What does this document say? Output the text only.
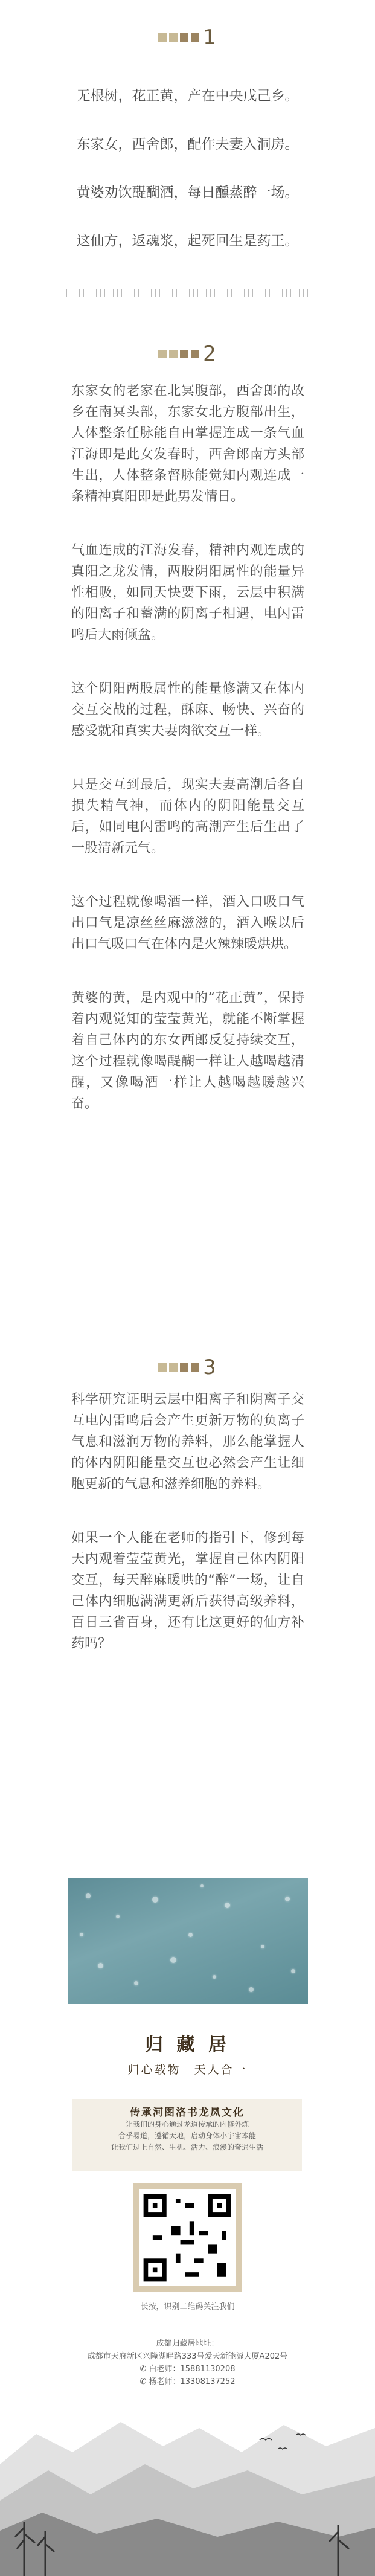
1

无根树，花正黄，产在中央戊己乡。

东家女，西舍郎，配作夫妻入洞房。

黄婆劝饮醍醐酒，每日醺蒸醉一场。

这仙方，返魂浆，起死回生是药王。

2

东家女的老家在北冥腹部，西舍郎的故乡在南冥头部，东家女北方腹部出生，人体整条任脉能自由掌握连成一条气血江海即是此女发春时，西舍郎南方头部生出，人体整条督脉能觉知内观连成一条精神真阳即是此男发情日。

气血连成的江海发春，精神内观连成的真阳之龙发情，两股阴阳属性的能量异性相吸，如同天快要下雨，云层中积满的阳离子和蓄满的阴离子相遇，电闪雷鸣后大雨倾盆。

这个阴阳两股属性的能量修满又在体内交互交战的过程，酥麻、畅快、兴奋的感受就和真实夫妻肉欲交互一样。

只是交互到最后，现实夫妻高潮后各自损失精气神，而体内的阴阳能量交互后，如同电闪雷鸣的高潮产生后生出了一股清新元气。

这个过程就像喝酒一样，酒入口吸口气出口气是凉丝丝麻滋滋的，酒入喉以后出口气吸口气在体内是火辣辣暖烘烘。

黄婆的黄，是内观中的“花正黄”，保持着内观觉知的莹莹黄光，就能不断掌握着自己体内的东女西郎反复持续交互，这个过程就像喝醍醐一样让人越喝越清醒，又像喝酒一样让人越喝越暖越兴奋。

3

科学研究证明云层中阳离子和阴离子交互电闪雷鸣后会产生更新万物的负离子气息和滋润万物的养料，那么能掌握人的体内阴阳能量交互也必然会产生让细胞更新的气息和滋养细胞的养料。

如果一个人能在老师的指引下，修到每天内观着莹莹黄光，掌握自己体内阴阳交互，每天醉麻暖哄的“醉”一场，让自己体内细胞满满更新后获得高级养料，百日三省百身，还有比这更好的仙方补药吗？

归 藏 居
归心载物　天人合一
传承河图洛书龙凤文化
让我们的身心通过龙道传承的内修外炼
合乎易道，遵循天地，启动身体小宇宙本能
让我们过上自然、生机、活力、浪漫的奇遇生活
长按，识别二维码关注我们
成都归藏居地址：
成都市天府新区兴隆湖畔路333号爱天新能源大厦A202号
✆ 白老师：15881130208
✆ 杨老师：13308137252
